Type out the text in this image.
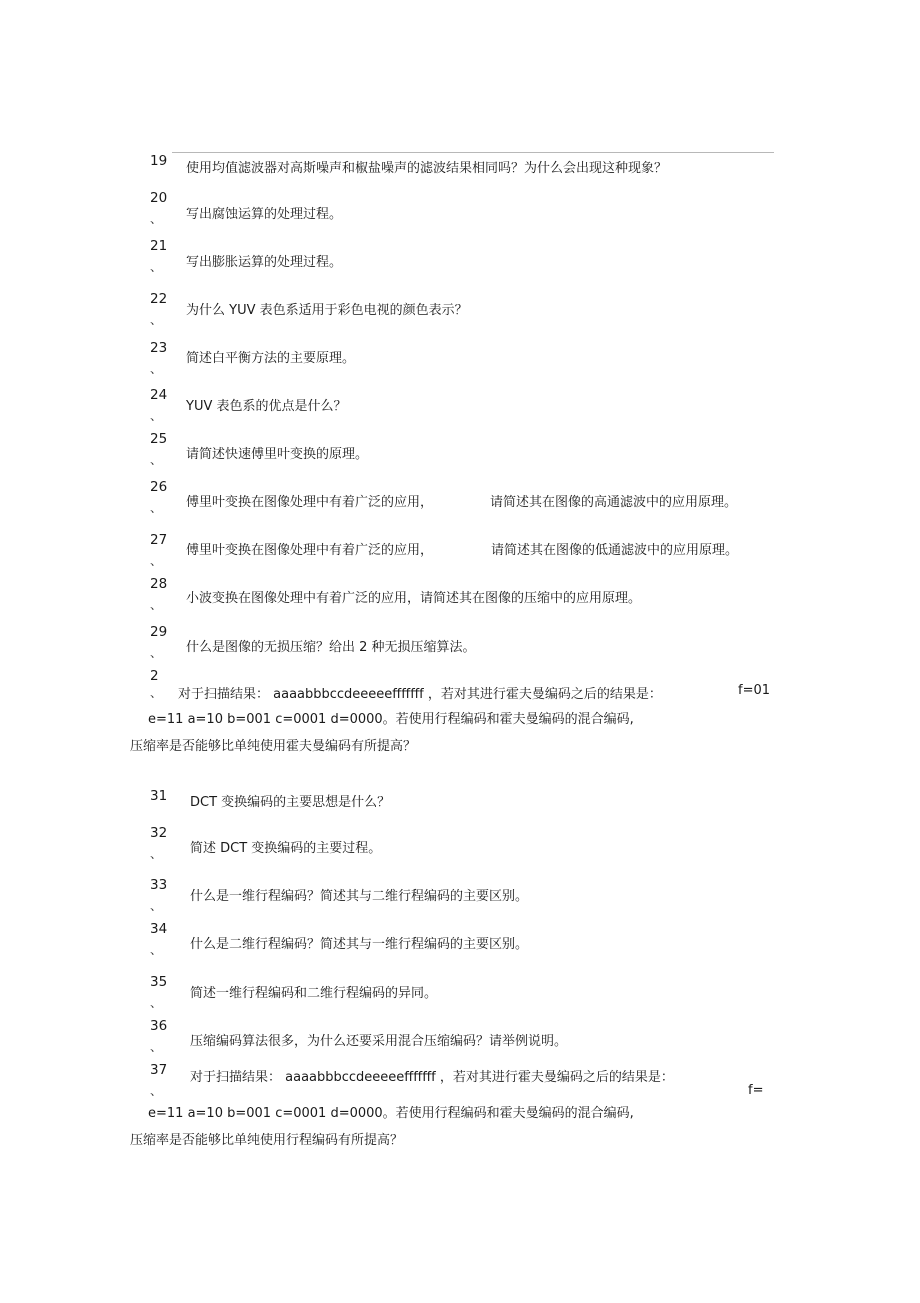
19 使用均值滤波器对高斯噪声和椒盐噪声的滤波结果相同吗？为什么会出现这种现象？
20
、 写出腐蚀运算的处理过程。
21
、 写出膨胀运算的处理过程。
22
、
为什么 YUV 表色系适用于彩色电视的颜色表示？
23
、
简述白平衡方法的主要原理。
24
、
YUV 表色系的优点是什么？
25
、 请简述快速傅里叶变换的原理。
26
、 傅里叶变换在图像处理中有着广泛的应用，	请简述其在图像的高通滤波中的应用原理。
27
、
傅里叶变换在图像处理中有着广泛的应用，	请简述其在图像的低通滤波中的应用原理。
28
、 小波变换在图像处理中有着广泛的应用，请简述其在图像的压缩中的应用原理。
29
、 什么是图像的无损压缩？给出 2 种无损压缩算法。
2
、 对于扫描结果： aaaabbbccdeeeeefffffff ，若对其进行霍夫曼编码之后的结果是：	f=01
e=11 a=10 b=001 c=0001 d=0000。若使用行程编码和霍夫曼编码的混合编码,
压缩率是否能够比单纯使用霍夫曼编码有所提高？
31 DCT 变换编码的主要思想是什么？
32
、 简述 DCT 变换编码的主要过程。
33
、
什么是一维行程编码？简述其与二维行程编码的主要区别。
34
、 什么是二维行程编码？简述其与一维行程编码的主要区别。
35
、
简述一维行程编码和二维行程编码的异同。
36
、 压缩编码算法很多，为什么还要采用混合压缩编码？请举例说明。
37
、
对于扫描结果： aaaabbbccdeeeeefffffff ，若对其进行霍夫曼编码之后的结果是：
f=
e=11 a=10 b=001 c=0001 d=0000。若使用行程编码和霍夫曼编码的混合编码,
压缩率是否能够比单纯使用行程编码有所提高？
